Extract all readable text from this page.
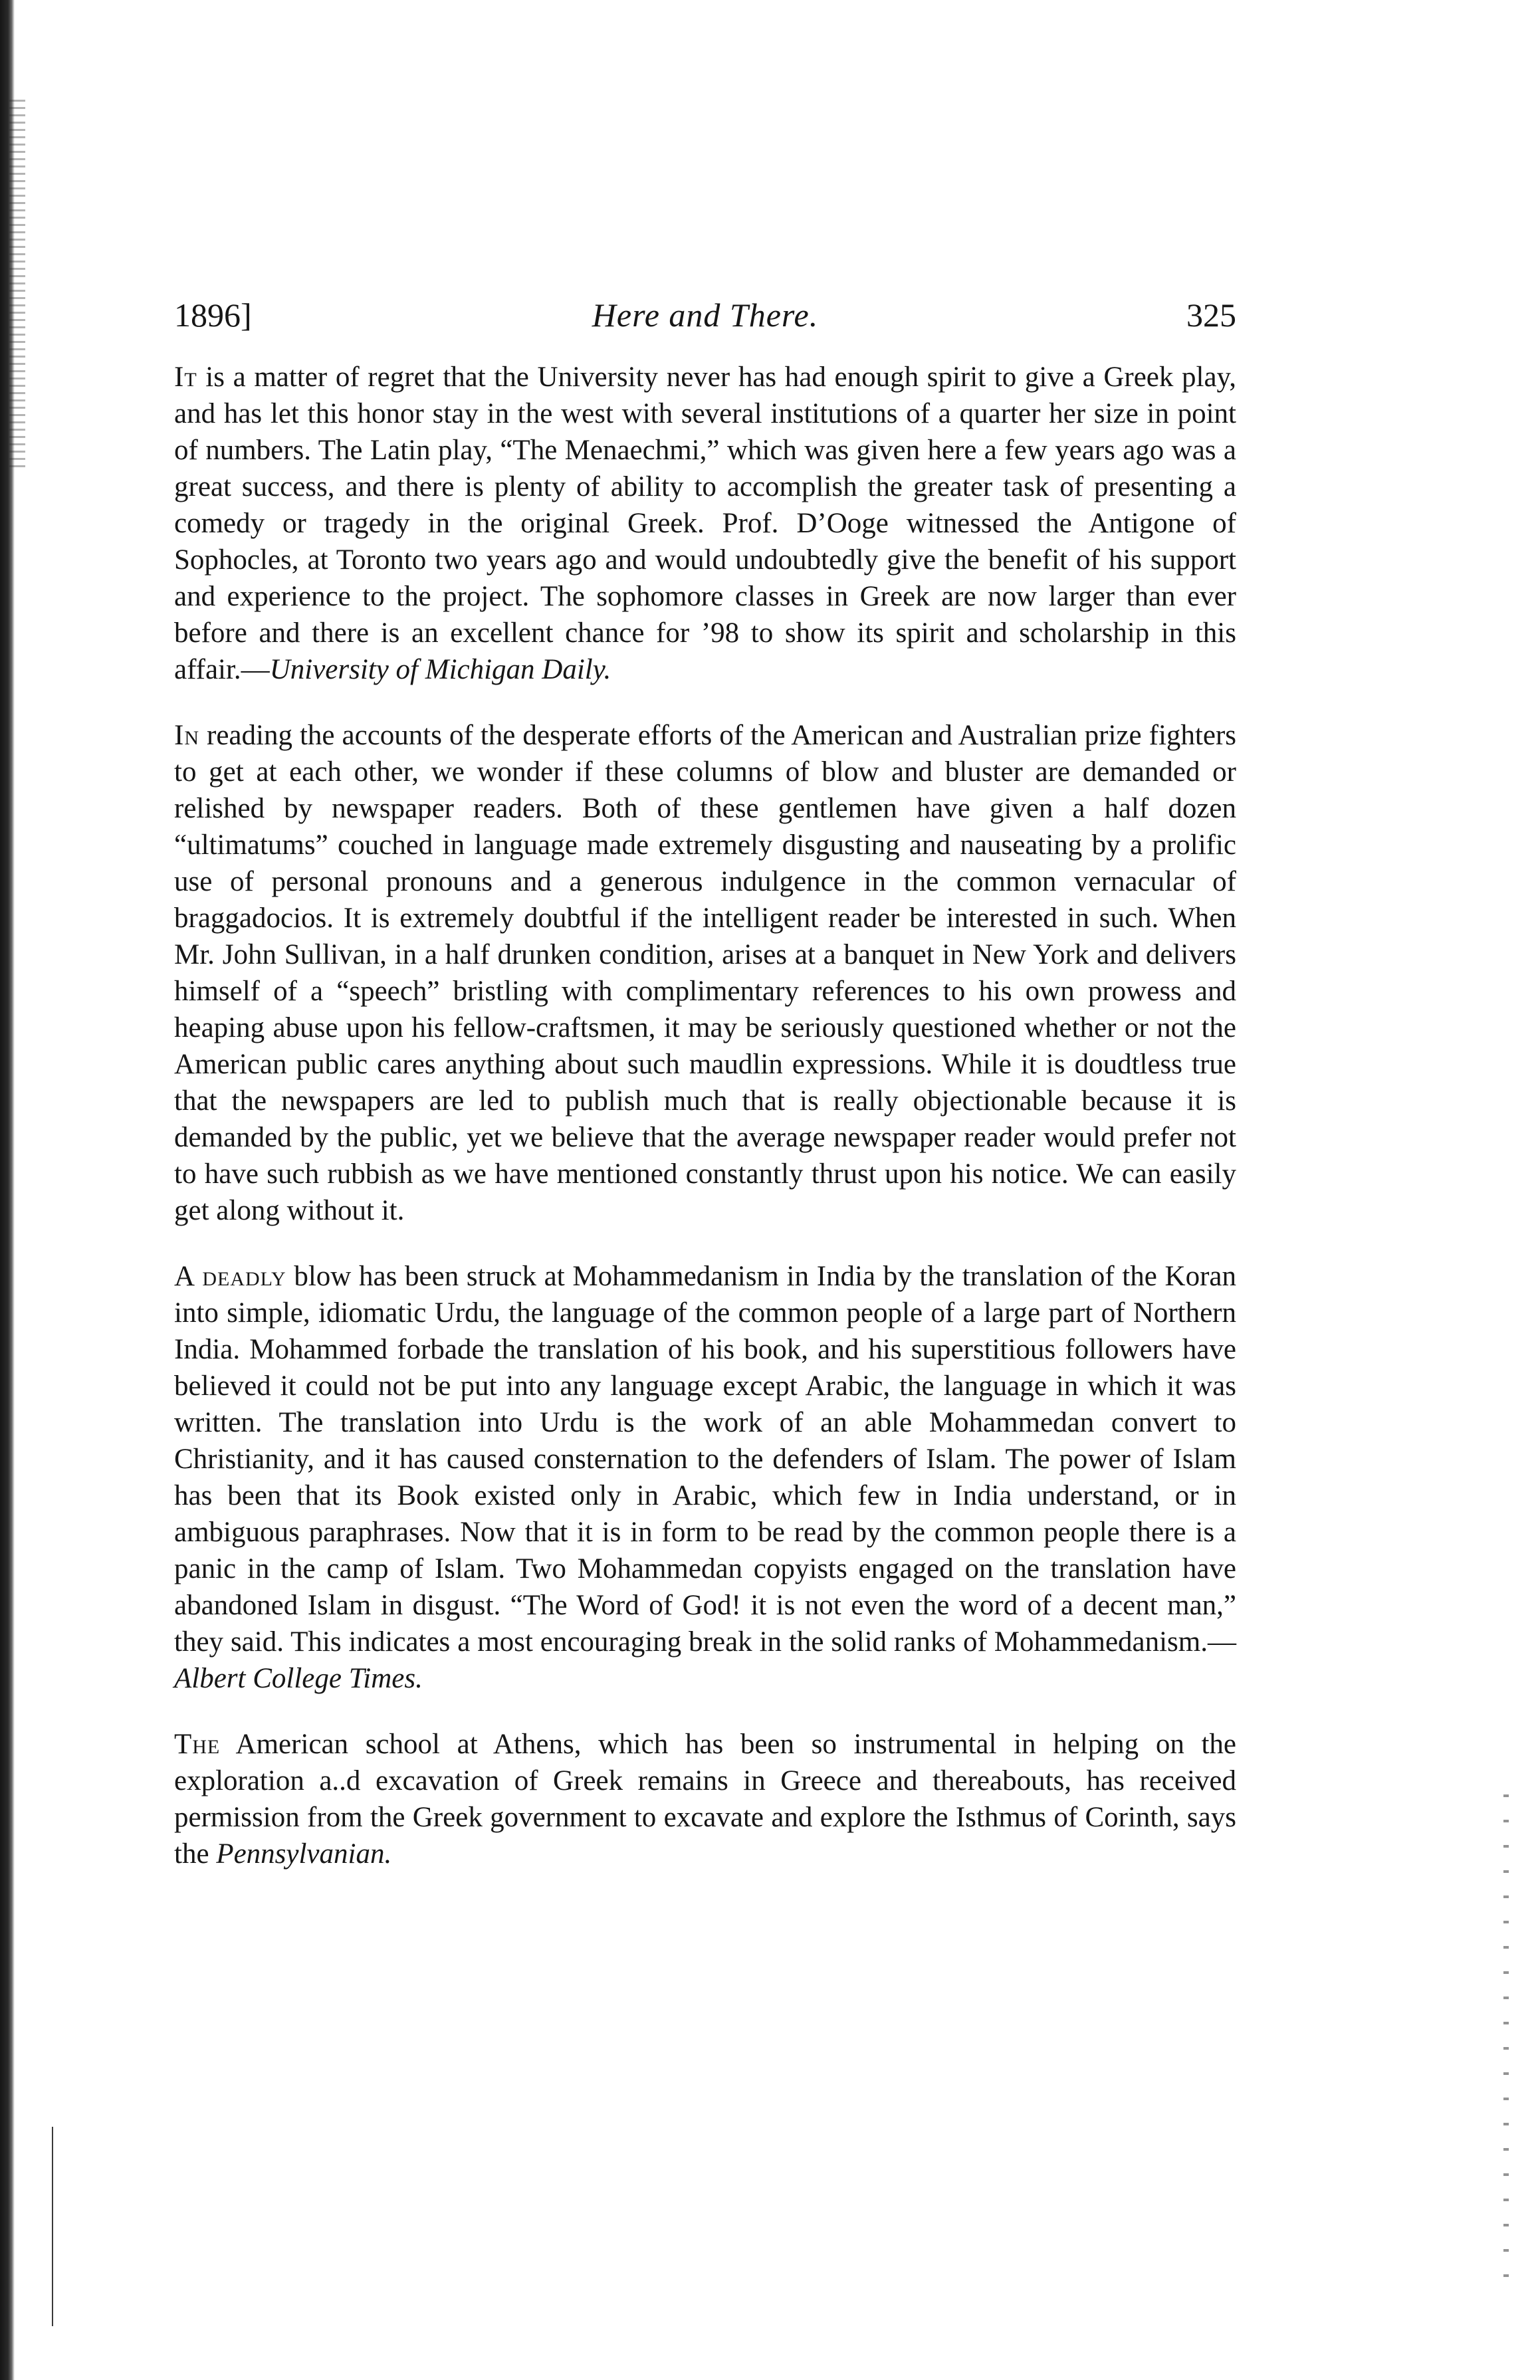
1896]	Here and There.	325

It is a matter of regret that the University never has had enough spirit to give a Greek play, and has let this honor stay in the west with several institutions of a quarter her size in point of numbers. The Latin play, “The Menaechmi,” which was given here a few years ago was a great success, and there is plenty of ability to accomplish the greater task of presenting a comedy or tragedy in the original Greek. Prof. D’Ooge witnessed the Antigone of Sophocles, at Toronto two years ago and would undoubtedly give the benefit of his support and experience to the project. The sophomore classes in Greek are now larger than ever before and there is an excellent chance for ’98 to show its spirit and scholarship in this affair.—University of Michigan Daily.

In reading the accounts of the desperate efforts of the American and Australian prize fighters to get at each other, we wonder if these columns of blow and bluster are demanded or relished by newspaper readers. Both of these gentlemen have given a half dozen “ultimatums” couched in language made extremely disgusting and nauseating by a prolific use of personal pronouns and a generous indulgence in the common vernacular of braggadocios. It is extremely doubtful if the intelligent reader be interested in such. When Mr. John Sullivan, in a half drunken condition, arises at a banquet in New York and delivers himself of a “speech” bristling with complimentary references to his own prowess and heaping abuse upon his fellow-craftsmen, it may be seriously questioned whether or not the American public cares anything about such maudlin expressions. While it is doudtless true that the newspapers are led to publish much that is really objectionable because it is demanded by the public, yet we believe that the average newspaper reader would prefer not to have such rubbish as we have mentioned constantly thrust upon his notice. We can easily get along without it.

A deadly blow has been struck at Mohammedanism in India by the translation of the Koran into simple, idiomatic Urdu, the language of the common people of a large part of Northern India. Mohammed forbade the translation of his book, and his superstitious followers have believed it could not be put into any language except Arabic, the language in which it was written. The translation into Urdu is the work of an able Mohammedan convert to Christianity, and it has caused consternation to the defenders of Islam. The power of Islam has been that its Book existed only in Arabic, which few in India understand, or in ambiguous paraphrases. Now that it is in form to be read by the common people there is a panic in the camp of Islam. Two Mohammedan copyists engaged on the translation have abandoned Islam in disgust. “The Word of God! it is not even the word of a decent man,” they said. This indicates a most encouraging break in the solid ranks of Mohammedanism.—Albert College Times.

The American school at Athens, which has been so instrumental in helping on the exploration a..d excavation of Greek remains in Greece and thereabouts, has received permission from the Greek government to excavate and explore the Isthmus of Corinth, says the Pennsylvanian.
